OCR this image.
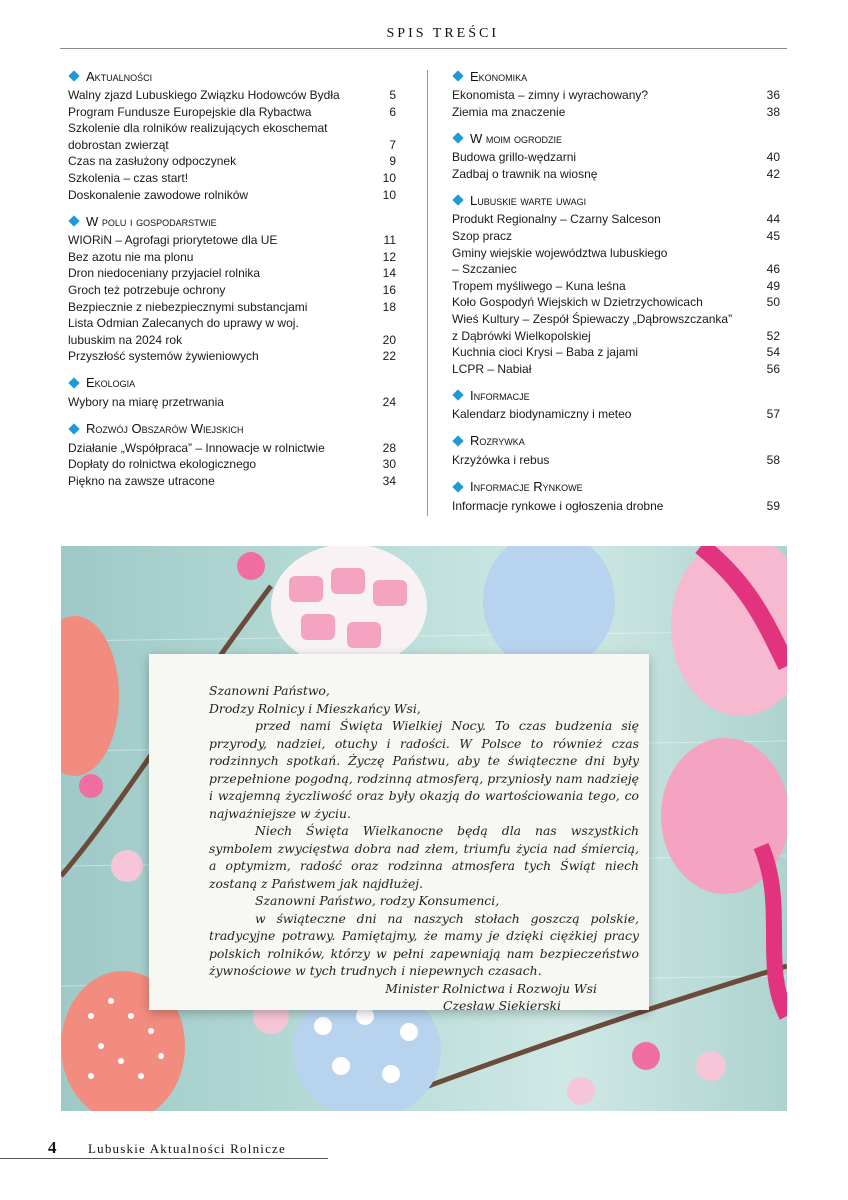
SPIS TREŚCI
Aktualności
Walny zjazd Lubuskiego Związku Hodowców Bydła	5
Program Fundusze Europejskie dla Rybactwa	6
Szkolenie dla rolników realizujących ekoschemat
dobrostan zwierząt	7
Czas na zasłużony odpoczynek	9
Szkolenia – czas start!	10
Doskonalenie zawodowe rolników	10
W polu i gospodarstwie
WIORiN – Agrofagi priorytetowe dla UE	11
Bez azotu nie ma plonu	12
Dron niedoceniany przyjaciel rolnika	14
Groch też potrzebuje ochrony	16
Bezpiecznie z niebezpiecznymi substancjami	18
Lista Odmian Zalecanych do uprawy w woj.
lubuskim na 2024 rok	20
Przyszłość systemów żywieniowych	22
Ekologia
Wybory na miarę przetrwania	24
Rozwój Obszarów Wiejskich
Działanie „Współpraca” – Innowacje w rolnictwie	28
Dopłaty do rolnictwa ekologicznego	30
Piękno na zawsze utracone	34
Ekonomika
Ekonomista – zimny i wyrachowany?	36
Ziemia ma znaczenie	38
W moim ogrodzie
Budowa grillo-wędzarni	40
Zadbaj o trawnik na wiosnę	42
Lubuskie warte uwagi
Produkt Regionalny – Czarny Salceson	44
Szop pracz	45
Gminy wiejskie województwa lubuskiego
– Szczaniec	46
Tropem myśliwego – Kuna leśna	49
Koło Gospodyń Wiejskich w Dzietrzychowicach	50
Wieś Kultury – Zespół Śpiewaczy „Dąbrowszczanka”
z Dąbrówki Wielkopolskiej	52
Kuchnia cioci Krysi – Baba z jajami	54
LCPR – Nabiał	56
Informacje
Kalendarz biodynamiczny i meteo	57
Rozrywka
Krzyżówka i rebus	58
Informacje Rynkowe
Informacje rynkowe i ogłoszenia drobne	59

Szanowni Państwo,

Drodzy Rolnicy i Mieszkańcy Wsi,

przed nami Święta Wielkiej Nocy. To czas budzenia się przyrody, nadziei, otuchy i radości. W Polsce to również czas rodzinnych spotkań. Życzę Państwu, aby te świąteczne dni były przepełnione pogodną, rodzinną atmosferą, przyniosły nam nadzieję i wzajemną życzliwość oraz były okazją do wartościowania tego, co najważniejsze w życiu.

Niech Święta Wielkanocne będą dla nas wszystkich symbolem zwycięstwa dobra nad złem, triumfu życia nad śmiercią, a optymizm, radość oraz rodzinna atmosfera tych Świąt niech zostaną z Państwem jak najdłużej.

Szanowni Państwo, rodzy Konsumenci,

w świąteczne dni na naszych stołach goszczą polskie, tradycyjne potrawy. Pamiętajmy, że mamy je dzięki ciężkiej pracy polskich rolników, którzy w pełni zapewniają nam bezpieczeństwo żywnościowe w tych trudnych i niepewnych czasach.

Minister Rolnictwa i Rozwoju Wsi

Czesław Siekierski

4 Lubuskie Aktualności Rolnicze
